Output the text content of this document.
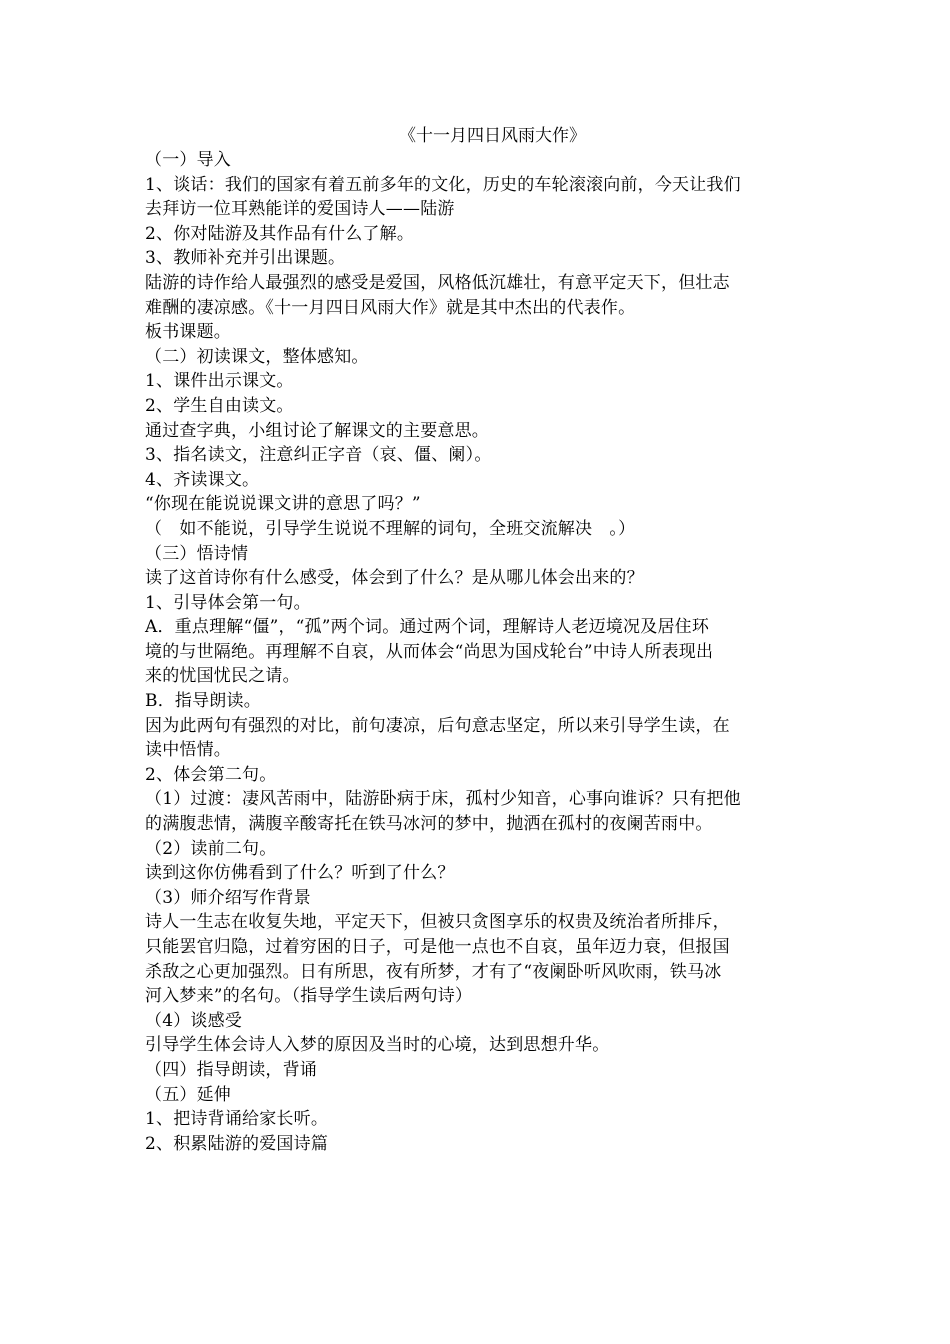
《十一月四日风雨大作》

（一）导入

1、谈话：我们的国家有着五前多年的文化，历史的车轮滚滚向前，今天让我们

去拜访一位耳熟能详的爱国诗人——陆游

2、你对陆游及其作品有什么了解。

3、教师补充并引出课题。

陆游的诗作给人最强烈的感受是爱国，风格低沉雄壮，有意平定天下，但壮志

难酬的凄凉感。《十一月四日风雨大作》就是其中杰出的代表作。

板书课题。

（二）初读课文，整体感知。

1、课件出示课文。

2、学生自由读文。

通过查字典，小组讨论了解课文的主要意思。

3、指名读文，注意纠正字音（哀、僵、阑）。

4、齐读课文。

“你现在能说说课文讲的意思了吗？”

（　如不能说，引导学生说说不理解的词句，全班交流解决　。）

（三）悟诗情

读了这首诗你有什么感受，体会到了什么？是从哪儿体会出来的？

1、引导体会第一句。

A．重点理解“僵”，“孤”两个词。通过两个词，理解诗人老迈境况及居住环

境的与世隔绝。再理解不自哀，从而体会“尚思为国戍轮台”中诗人所表现出

来的忧国忧民之请。

B．指导朗读。

因为此两句有强烈的对比，前句凄凉，后句意志坚定，所以来引导学生读，在

读中悟情。

2、体会第二句。

（1）过渡：凄风苦雨中，陆游卧病于床，孤村少知音，心事向谁诉？只有把他

的满腹悲情，满腹辛酸寄托在铁马冰河的梦中，抛洒在孤村的夜阑苦雨中。

（2）读前二句。

读到这你仿佛看到了什么？听到了什么？

（3）师介绍写作背景

诗人一生志在收复失地，平定天下，但被只贪图享乐的权贵及统治者所排斥，

只能罢官归隐，过着穷困的日子，可是他一点也不自哀，虽年迈力衰，但报国

杀敌之心更加强烈。日有所思，夜有所梦，才有了“夜阑卧听风吹雨，铁马冰

河入梦来”的名句。（指导学生读后两句诗）

（4）谈感受

引导学生体会诗人入梦的原因及当时的心境，达到思想升华。

（四）指导朗读，背诵

（五）延伸

1、把诗背诵给家长听。

2、积累陆游的爱国诗篇
